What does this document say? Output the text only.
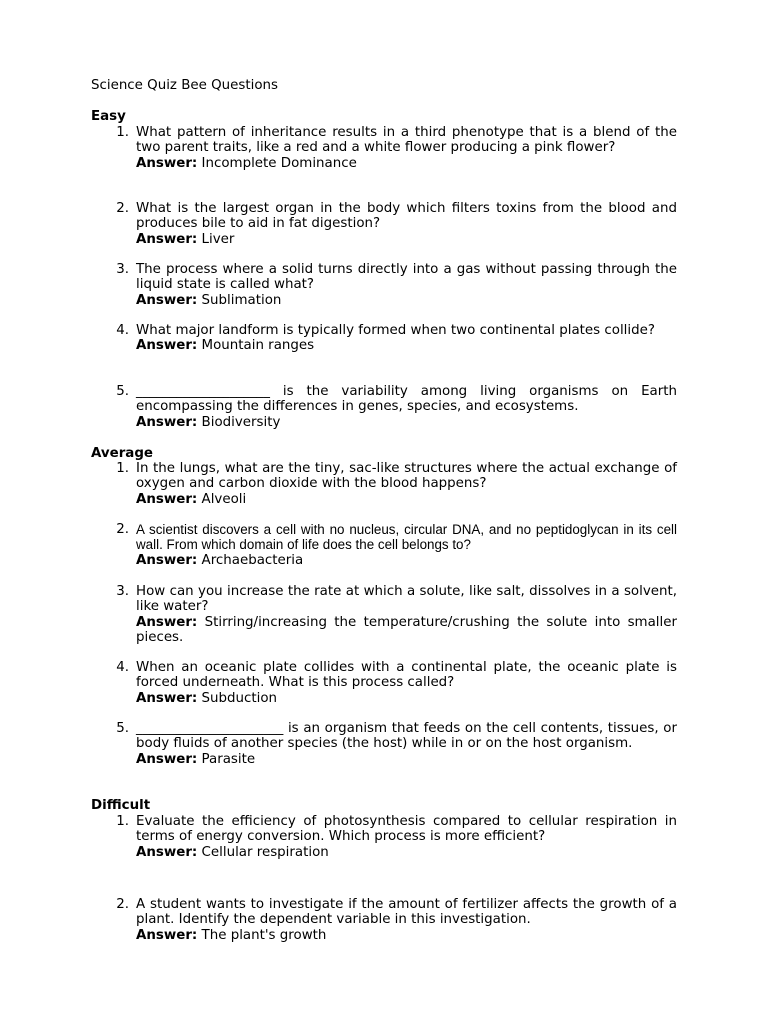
Science Quiz Bee Questions
Easy
1. What pattern of inheritance results in a third phenotype that is a blend of the two parent traits, like a red and a white flower producing a pink flower?
Answer: Incomplete Dominance
2. What is the largest organ in the body which filters toxins from the blood and produces bile to aid in fat digestion?
Answer: Liver
3. The process where a solid turns directly into a gas without passing through the liquid state is called what?
Answer: Sublimation
4. What major landform is typically formed when two continental plates collide?
Answer: Mountain ranges
5. ____________________ is the variability among living organisms on Earth encompassing the differences in genes, species, and ecosystems.
Answer: Biodiversity
Average
1. In the lungs, what are the tiny, sac-like structures where the actual exchange of oxygen and carbon dioxide with the blood happens?
Answer: Alveoli
2. A scientist discovers a cell with no nucleus, circular DNA, and no peptidoglycan in its cell wall. From which domain of life does the cell belongs to?
Answer: Archaebacteria
3. How can you increase the rate at which a solute, like salt, dissolves in a solvent, like water?
Answer: Stirring/increasing the temperature/crushing the solute into smaller pieces.
4. When an oceanic plate collides with a continental plate, the oceanic plate is forced underneath. What is this process called?
Answer: Subduction
5. ______________________ is an organism that feeds on the cell contents, tissues, or body fluids of another species (the host) while in or on the host organism.
Answer: Parasite
Difficult
1. Evaluate the efficiency of photosynthesis compared to cellular respiration in terms of energy conversion. Which process is more efficient?
Answer: Cellular respiration
2. A student wants to investigate if the amount of fertilizer affects the growth of a plant. Identify the dependent variable in this investigation.
Answer: The plant's growth
